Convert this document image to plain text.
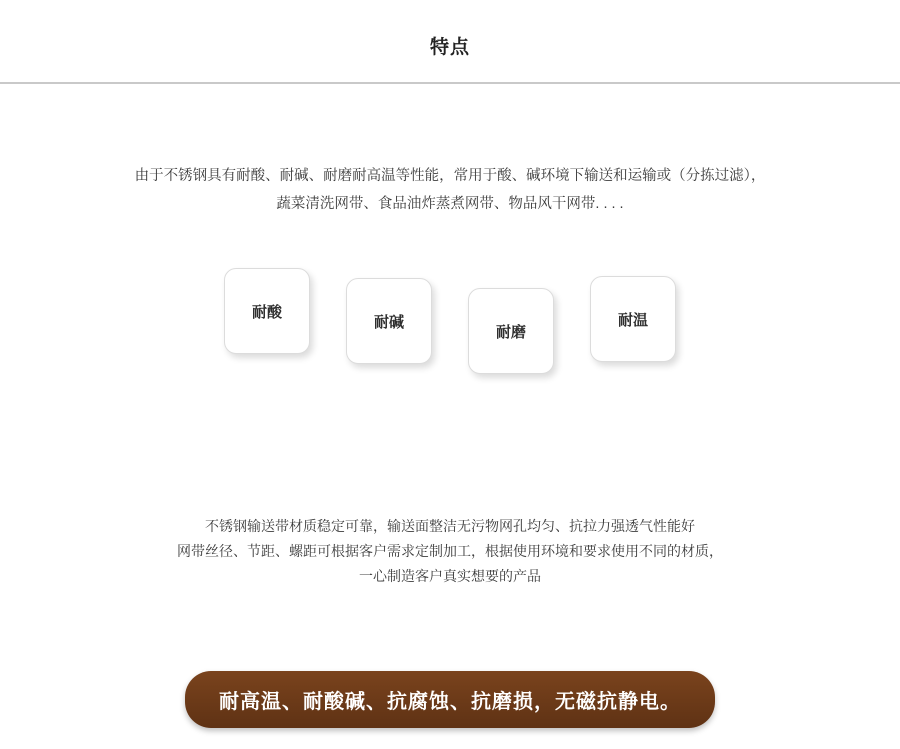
特点
由于不锈钢具有耐酸、耐碱、耐磨耐高温等性能，常用于酸、碱环境下输送和运输或（分拣过滤），
蔬菜清洗网带、食品油炸蒸煮网带、物品风干网带. . . .
耐酸
耐碱
耐磨
耐温
不锈钢输送带材质稳定可靠，输送面整洁无污物网孔均匀、抗拉力强透气性能好
网带丝径、节距、螺距可根据客户需求定制加工，根据使用环境和要求使用不同的材质，
一心制造客户真实想要的产品
耐高温、耐酸碱、抗腐蚀、抗磨损，无磁抗静电。
